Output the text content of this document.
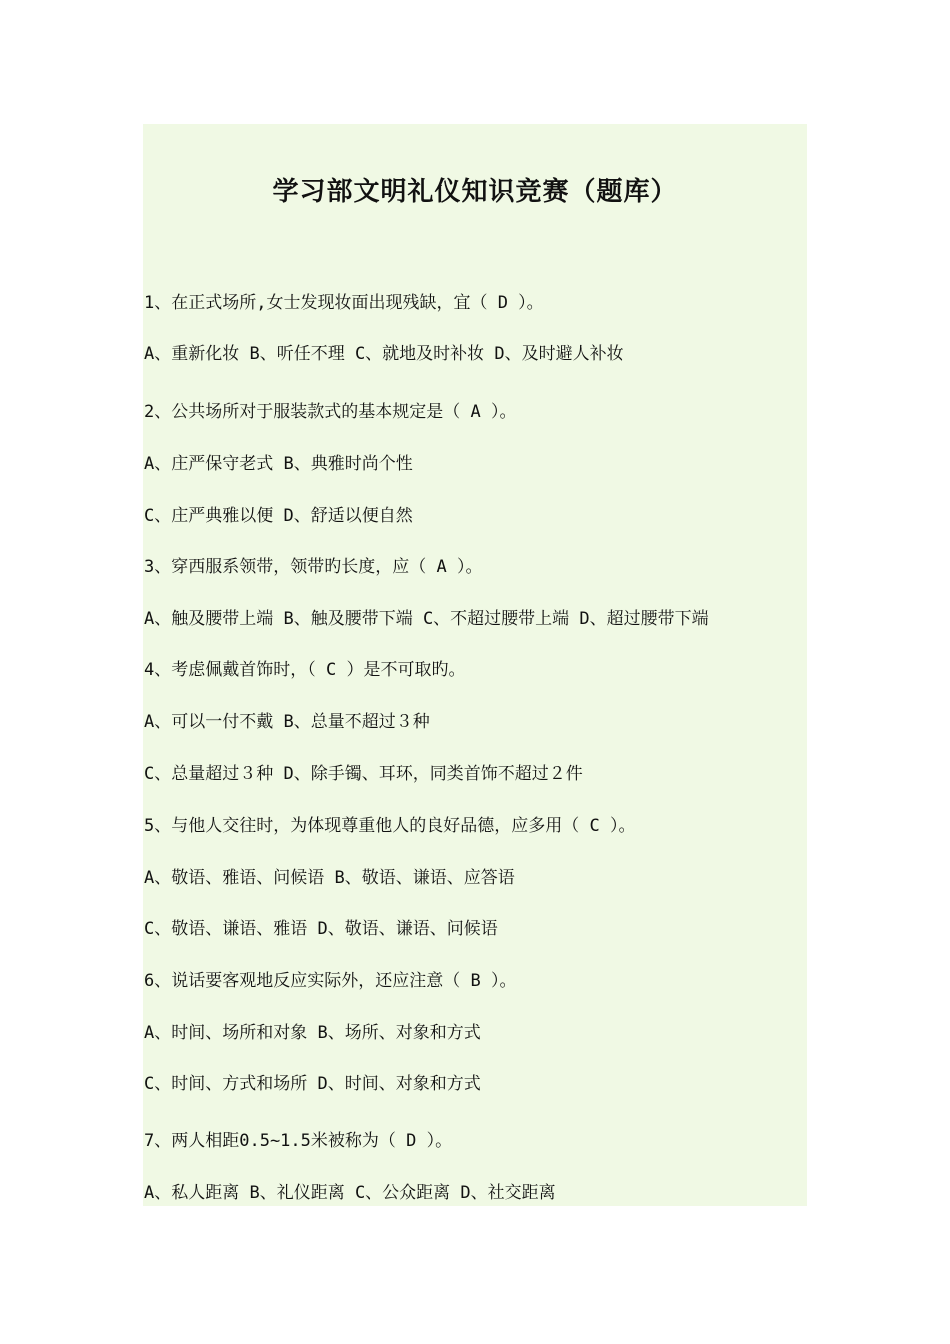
学习部文明礼仪知识竞赛（题库）
1、在正式场所,女士发现妆面出现残缺，宜（ D ）。
A、重新化妆 B、听任不理 C、就地及时补妆 D、及时避人补妆
2、公共场所对于服装款式的基本规定是（ A ）。
A、庄严保守老式 B、典雅时尚个性
C、庄严典雅以便 D、舒适以便自然
3、穿西服系领带，领带旳长度，应（ A ）。
A、触及腰带上端 B、触及腰带下端 C、不超过腰带上端 D、超过腰带下端
4、考虑佩戴首饰时，（ C ）是不可取旳。
A、可以一付不戴 B、总量不超过３种
C、总量超过３种 D、除手镯、耳环，同类首饰不超过２件
5、与他人交往时，为体现尊重他人的良好品德，应多用（ C ）。
A、敬语、雅语、问候语 B、敬语、谦语、应答语
C、敬语、谦语、雅语 D、敬语、谦语、问候语
6、说话要客观地反应实际外，还应注意（ B ）。
A、时间、场所和对象 B、场所、对象和方式
C、时间、方式和场所 D、时间、对象和方式
7、两人相距0.5~1.5米被称为（ D ）。
A、私人距离 B、礼仪距离 C、公众距离 D、社交距离
